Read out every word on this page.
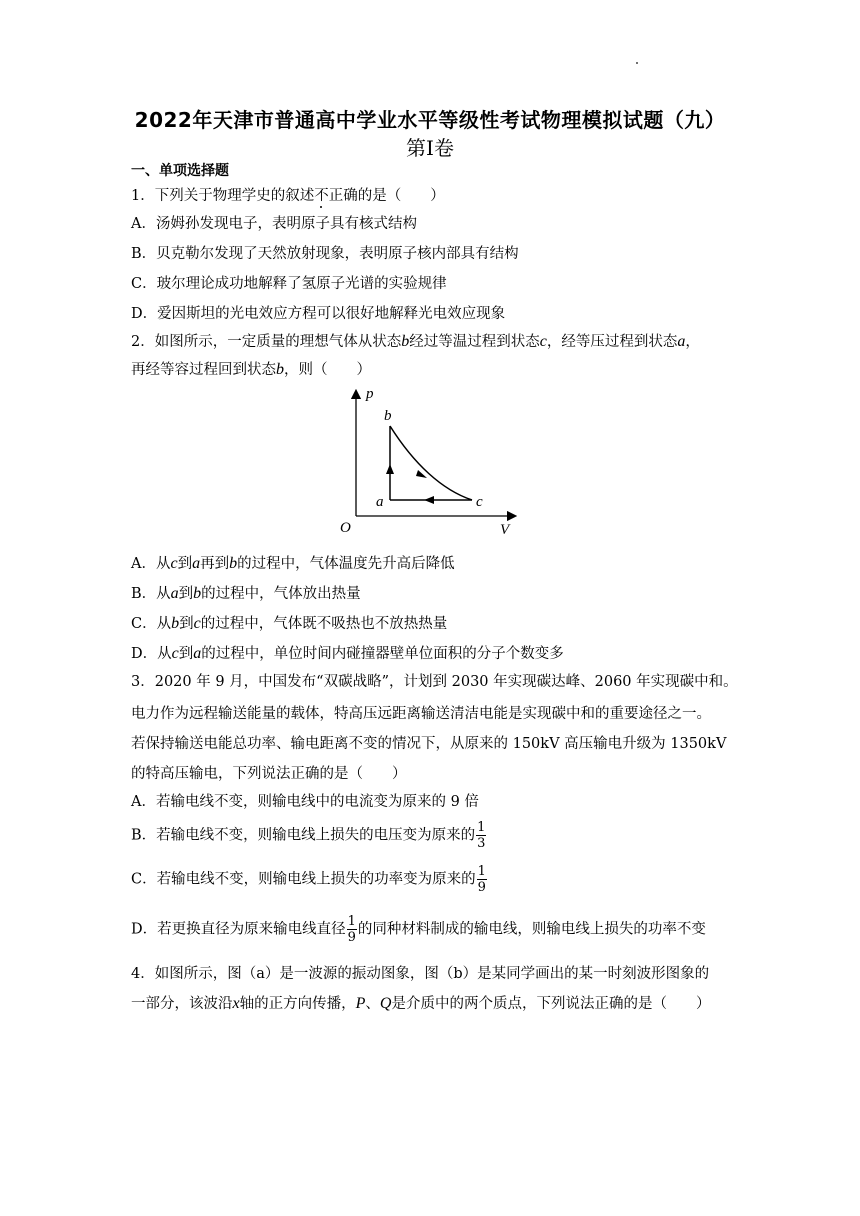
2022年天津市普通高中学业水平等级性考试物理模拟试题（九）
第Ⅰ卷
一、单项选择题
1．下列关于物理学史的叙述不正确的是（　　）
A．汤姆孙发现电子，表明原子具有核式结构
B．贝克勒尔发现了天然放射现象，表明原子核内部具有结构
C．玻尔理论成功地解释了氢原子光谱的实验规律
D．爱因斯坦的光电效应方程可以很好地解释光电效应现象
2．如图所示，一定质量的理想气体从状态b经过等温过程到状态c，经等压过程到状态a，
再经等容过程回到状态b，则（　　）
p
b
a	c
O	V
A．从c到a再到b的过程中，气体温度先升高后降低
B．从a到b的过程中，气体放出热量
C．从b到c的过程中，气体既不吸热也不放热热量
D．从c到a的过程中，单位时间内碰撞器壁单位面积的分子个数变多
3．2020 年 9 月，中国发布“双碳战略”，计划到 2030 年实现碳达峰、2060 年实现碳中和。
电力作为远程输送能量的载体，特高压远距离输送清洁电能是实现碳中和的重要途径之一。
若保持输送电能总功率、输电距离不变的情况下，从原来的 150kV 高压输电升级为 1350kV
的特高压输电，下列说法正确的是（　　）
A．若输电线不变，则输电线中的电流变为原来的 9 倍
B．若输电线不变，则输电线上损失的电压变为原来的 $\frac{1}{3}$
C．若输电线不变，则输电线上损失的功率变为原来的 $\frac{1}{9}$
D．若更换直径为原来输电线直径 $\frac{1}{9}$ 的同种材料制成的输电线，则输电线上损失的功率不变
4．如图所示，图（a）是一波源的振动图象，图（b）是某同学画出的某一时刻波形图象的
一部分，该波沿x轴的正方向传播，P、Q是介质中的两个质点，下列说法正确的是（　　）
